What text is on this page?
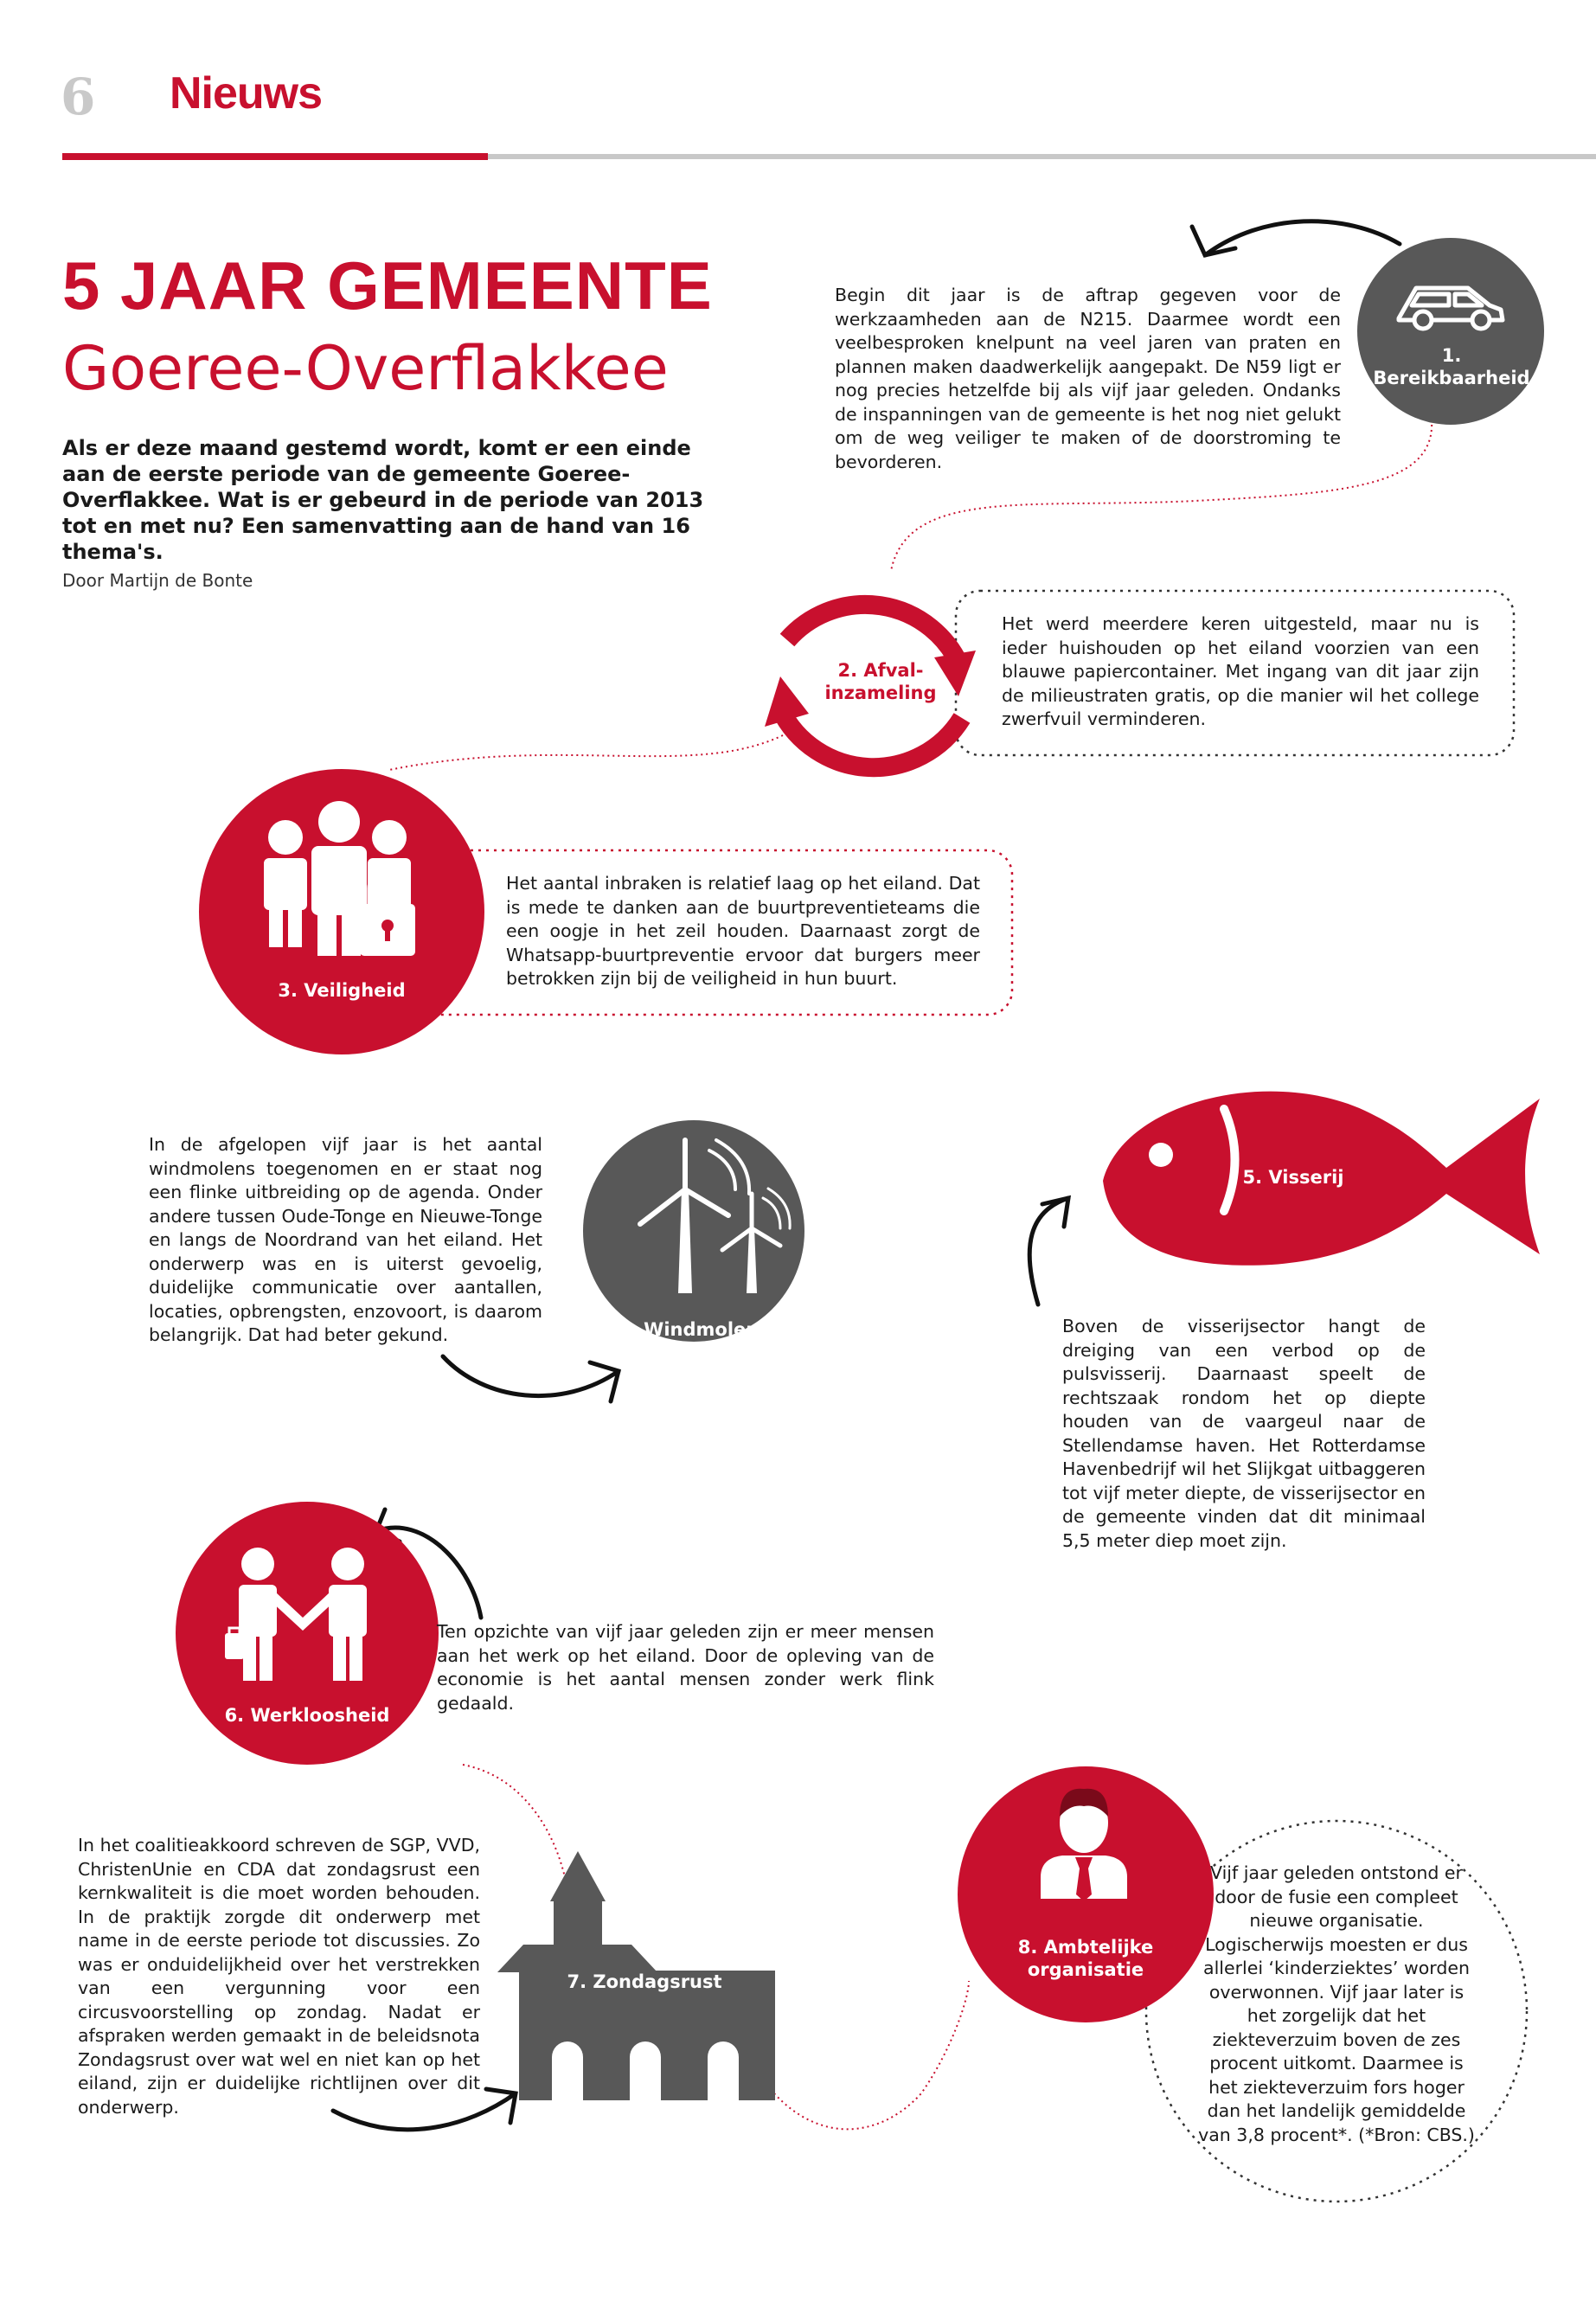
6 Nieuws
5 JAAR GEMEENTE
Goeree-Overflakkee
Als er deze maand gestemd wordt, komt er een einde aan de eerste periode van de gemeente Goeree-Overflakkee. Wat is er gebeurd in de periode van 2013 tot en met nu? Een samenvatting aan de hand van 16 thema's.
Door Martijn de Bonte
1. Bereikbaarheid
Begin dit jaar is de aftrap gegeven voor de werkzaamheden aan de N215. Daarmee wordt een veelbesproken knelpunt na veel jaren van praten en plannen maken daadwerkelijk aangepakt. De N59 ligt er nog precies hetzelfde bij als vijf jaar geleden. Ondanks de inspanningen van de gemeente is het nog niet gelukt om de weg veiliger te maken of de doorstroming te bevorderen.
2. Afval-
inzameling
Het werd meerdere keren uitgesteld, maar nu is ieder huishouden op het eiland voorzien van een blauwe papiercontainer. Met ingang van dit jaar zijn de milieustraten gratis, op die manier wil het college zwerfvuil verminderen.
3. Veiligheid
Het aantal inbraken is relatief laag op het eiland. Dat is mede te danken aan de buurtpreventieteams die een oogje in het zeil houden. Daarnaast zorgt de Whatsapp-buurtpreventie ervoor dat burgers meer betrokken zijn bij de veiligheid in hun buurt.
In de afgelopen vijf jaar is het aantal windmolens toegenomen en er staat nog een flinke uitbreiding op de agenda. Onder andere tussen Oude-Tonge en Nieuwe-Tonge en langs de Noordrand van het eiland. Het onderwerp was en is uiterst gevoelig, duidelijke communicatie over aantallen, locaties, opbrengsten, enzovoort, is daarom belangrijk. Dat had beter gekund.	4. Windmolens
5. Visserij
Boven de visserijsector hangt de dreiging van een verbod op de pulsvisserij. Daarnaast speelt de rechtszaak rondom het op diepte houden van de vaargeul naar de Stellendamse haven. Het Rotterdamse Havenbedrijf wil het Slijkgat uitbaggeren tot vijf meter diepte, de visserijsector en de gemeente vinden dat dit minimaal 5,5 meter diep moet zijn.
6. Werkloosheid
Ten opzichte van vijf jaar geleden zijn er meer mensen aan het werk op het eiland. Door de opleving van de economie is het aantal mensen zonder werk flink gedaald.
In het coalitieakkoord schreven de SGP, VVD, ChristenUnie en CDA dat zondagsrust een kernkwaliteit is die moet worden behouden. In de praktijk zorgde dit onderwerp met name in de eerste periode tot discussies. Zo was er onduidelijkheid over het verstrekken van een vergunning voor een circusvoorstelling op zondag. Nadat er afspraken werden gemaakt in de beleidsnota Zondagsrust over wat wel en niet kan op het eiland, zijn er duidelijke richtlijnen over dit onderwerp.
7. Zondagsrust
8. Ambtelijke
organisatie
Vijf jaar geleden ontstond er door de fusie een compleet nieuwe organisatie. Logischerwijs moesten er dus allerlei ‘kinderziektes’ worden overwonnen. Vijf jaar later is het zorgelijk dat het ziekteverzuim boven de zes procent uitkomt. Daarmee is het ziekteverzuim fors hoger dan het landelijk gemiddelde van 3,8 procent*. (*Bron: CBS.)
